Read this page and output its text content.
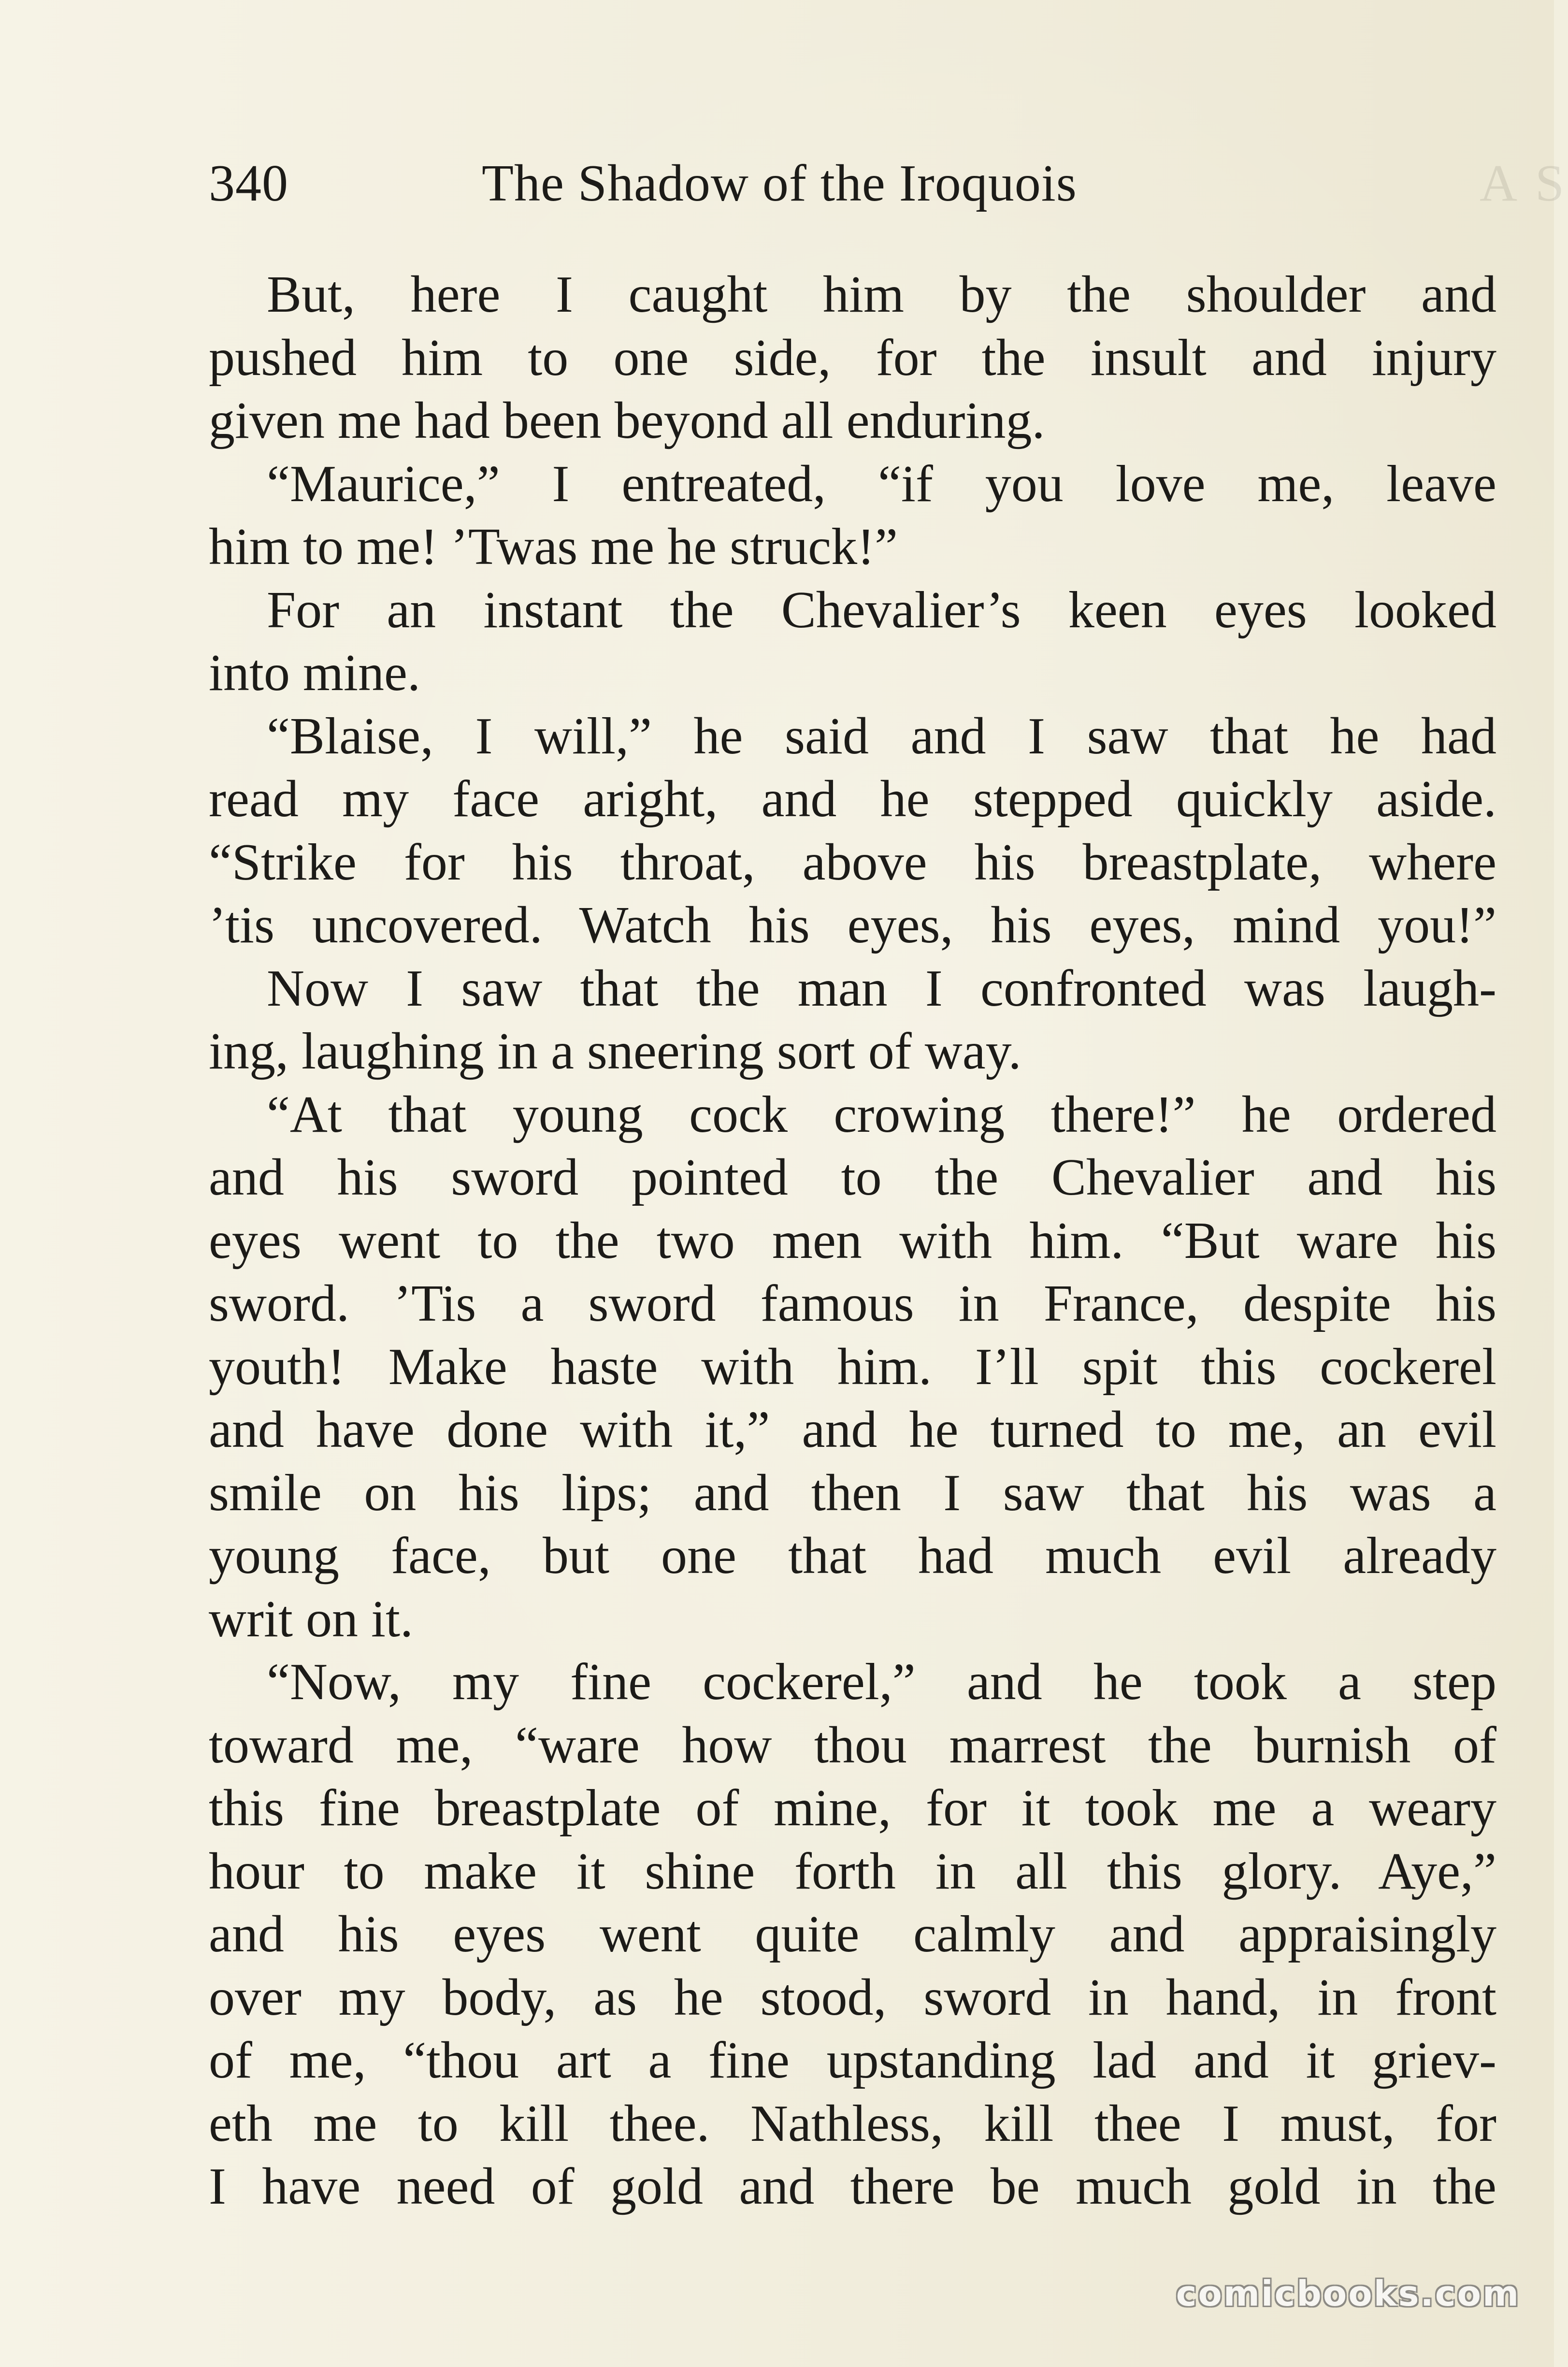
340	The Shadow of the Iroquois	A S
But, here I caught him by the shoulder and
pushed him to one side, for the insult and injury
given me had been beyond all enduring.
“Maurice,” I entreated, “if you love me, leave
him to me! ’Twas me he struck!”
For an instant the Chevalier’s keen eyes looked
into mine.
“Blaise, I will,” he said and I saw that he had
read my face aright, and he stepped quickly aside.
“Strike for his throat, above his breastplate, where
’tis uncovered. Watch his eyes, his eyes, mind you!”
Now I saw that the man I confronted was laugh-
ing, laughing in a sneering sort of way.
“At that young cock crowing there!” he ordered
and his sword pointed to the Chevalier and his
eyes went to the two men with him. “But ware his
sword. ’Tis a sword famous in France, despite his
youth! Make haste with him. I’ll spit this cockerel
and have done with it,” and he turned to me, an evil
smile on his lips; and then I saw that his was a
young face, but one that had much evil already
writ on it.
“Now, my fine cockerel,” and he took a step
toward me, “ware how thou marrest the burnish of
this fine breastplate of mine, for it took me a weary
hour to make it shine forth in all this glory. Aye,”
and his eyes went quite calmly and appraisingly
over my body, as he stood, sword in hand, in front
of me, “thou art a fine upstanding lad and it griev-
eth me to kill thee. Nathless, kill thee I must, for
I have need of gold and there be much gold in the
comicbooks.com
